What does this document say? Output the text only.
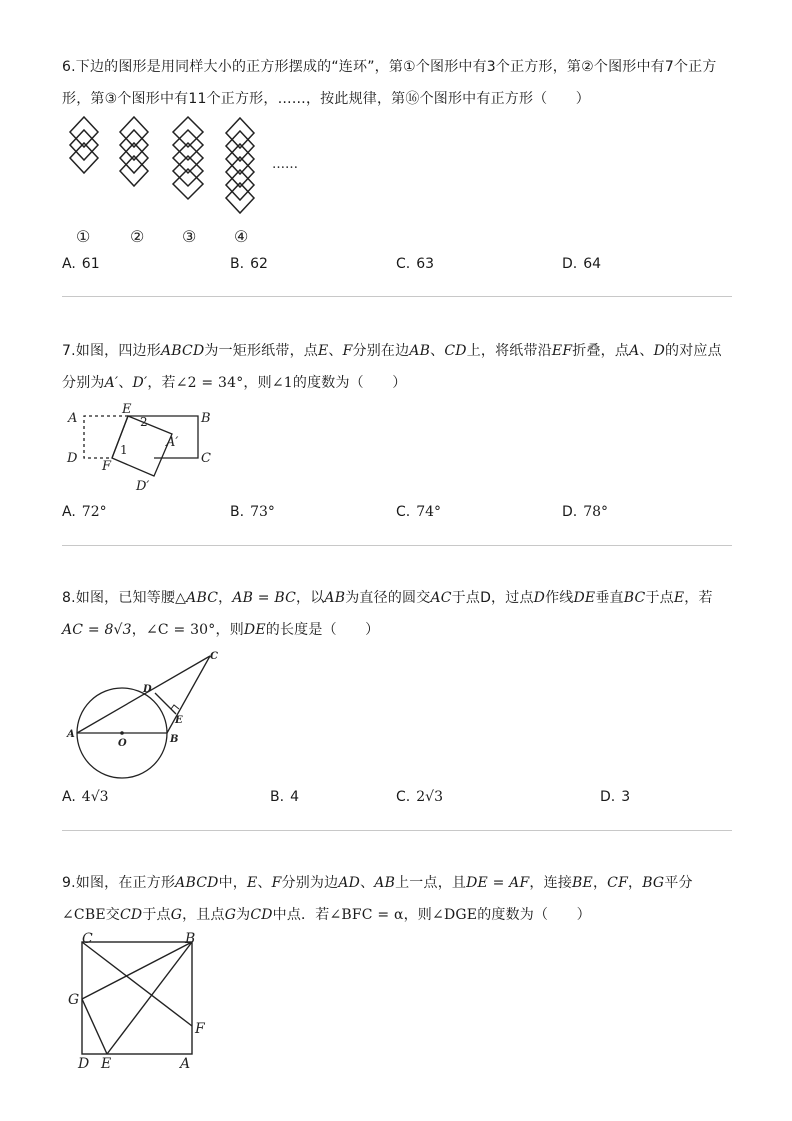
6.下边的图形是用同样大小的正方形摆成的“连环”，第①个图形中有3个正方形，第②个图形中有7个正方
形，第③个图形中有11个正方形，……，按此规律，第⑯个图形中有正方形（　　）
……
① ② ③ ④
A. 61	B. 62	C. 63	D. 64
7.如图，四边形ABCD为一矩形纸带，点E、F分别在边AB、CD上，将纸带沿EF折叠，点A、D的对应点
分别为A′、D′，若∠2 = 34°，则∠1的度数为（　　）
A	B
C
D
E
F
A′
D′
1
2
A. 72°	B. 73°	C. 74°	D. 78°
8.如图，已知等腰△ABC，AB = BC，以AB为直径的圆交AC于点D，过点D作线DE垂直BC于点E，若
AC = 8√3，∠C = 30°，则DE的长度是（　　）
A	B
C
D
E
O
A. 4√3	B. 4	C. 2√3	D. 3
9.如图，在正方形ABCD中，E、F分别为边AD、AB上一点，且DE = AF，连接BE，CF，BG平分
∠CBE交CD于点G，且点G为CD中点．若∠BFC = α，则∠DGE的度数为（　　）
C	B
G
F
D E	A
